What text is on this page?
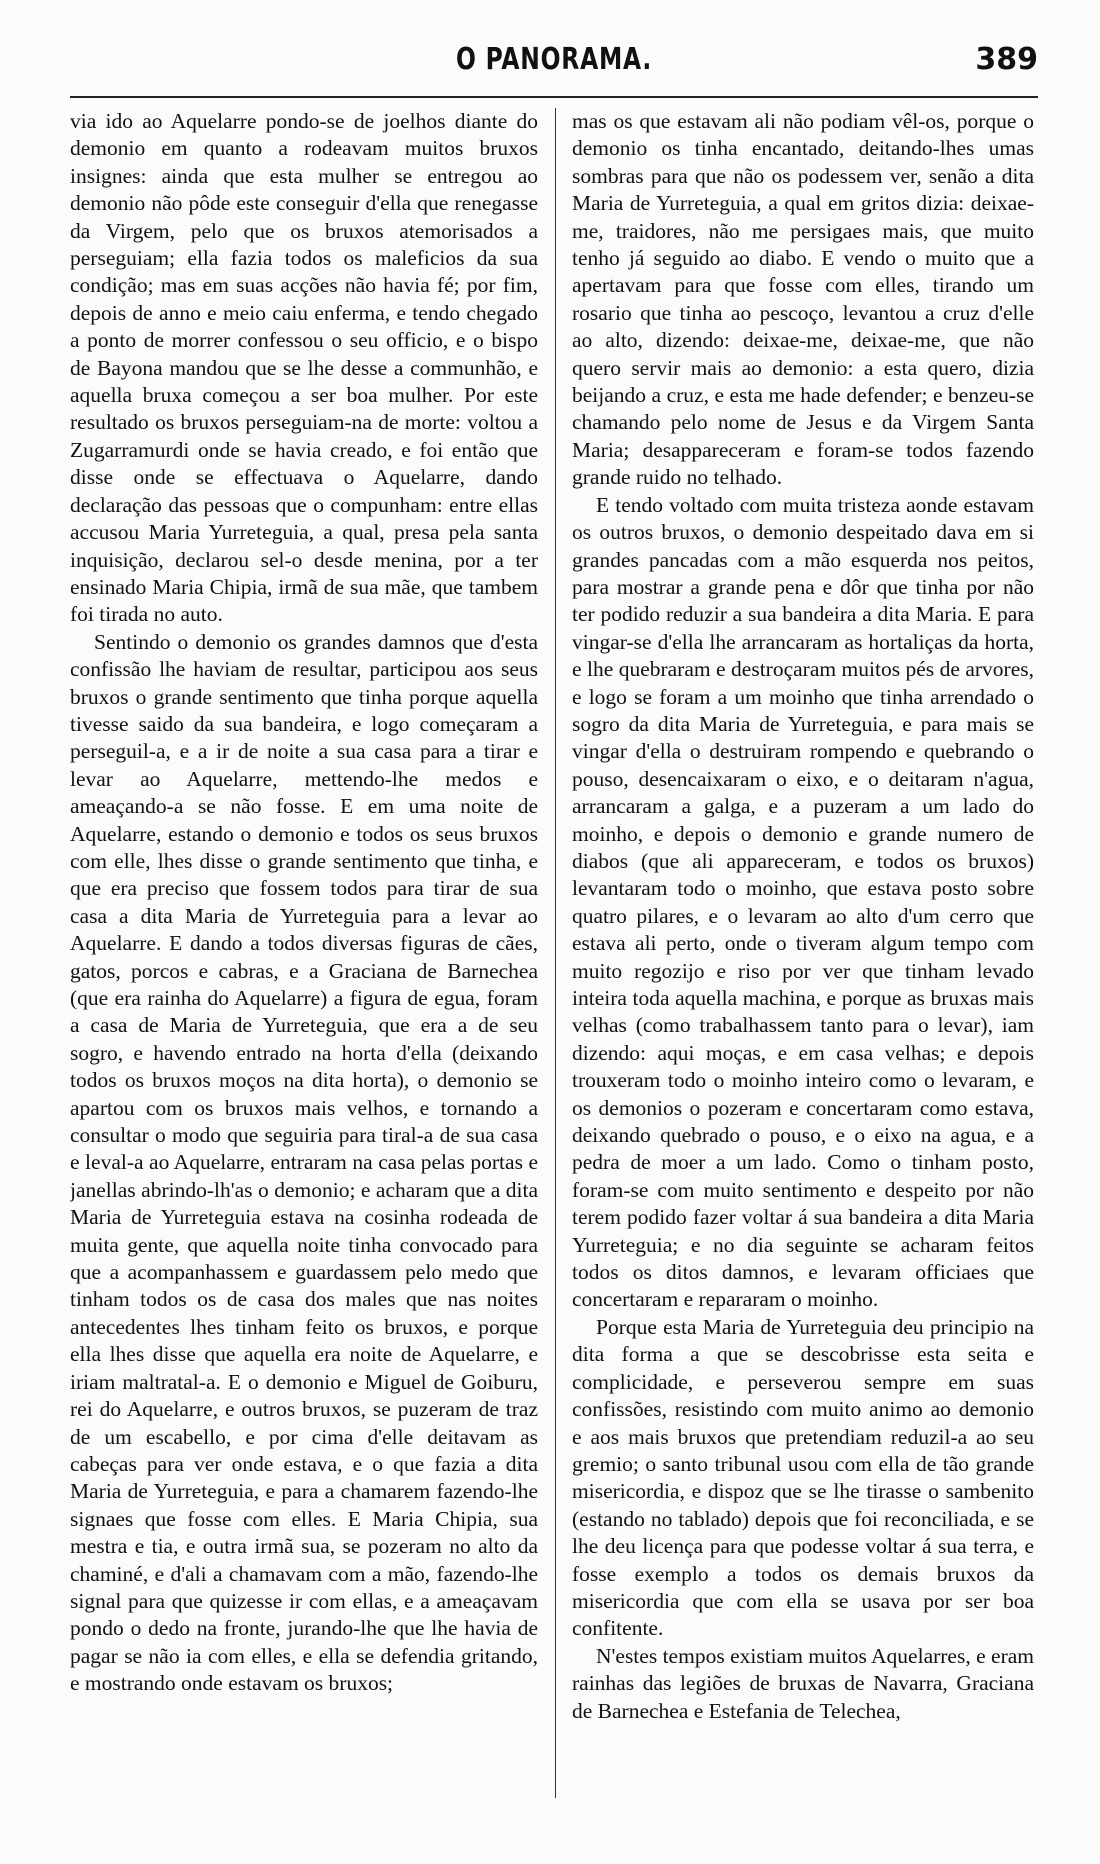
O PANORAMA.	389

via ido ao Aquelarre pondo-se de joelhos diante do demonio em quanto a rodeavam muitos bruxos insignes: ainda que esta mulher se entregou ao demonio não pôde este conseguir d'ella que renegasse da Virgem, pelo que os bruxos atemorisados a perseguiam; ella fazia todos os maleficios da sua condição; mas em suas acções não havia fé; por fim, depois de anno e meio caiu enferma, e tendo chegado a ponto de morrer confessou o seu officio, e o bispo de Bayona mandou que se lhe desse a communhão, e aquella bruxa começou a ser boa mulher. Por este resultado os bruxos perseguiam-na de morte: voltou a Zugarramurdi onde se havia creado, e foi então que disse onde se effectuava o Aquelarre, dando declaração das pessoas que o compunham: entre ellas accusou Maria Yurreteguia, a qual, presa pela santa inquisição, declarou sel-o desde menina, por a ter ensinado Maria Chipia, irmã de sua mãe, que tambem foi tirada no auto.

Sentindo o demonio os grandes damnos que d'esta confissão lhe haviam de resultar, participou aos seus bruxos o grande sentimento que tinha porque aquella tivesse saido da sua bandeira, e logo começaram a perseguil-a, e a ir de noite a sua casa para a tirar e levar ao Aquelarre, mettendo-lhe medos e ameaçando-a se não fosse. E em uma noite de Aquelarre, estando o demonio e todos os seus bruxos com elle, lhes disse o grande sentimento que tinha, e que era preciso que fossem todos para tirar de sua casa a dita Maria de Yurreteguia para a levar ao Aquelarre. E dando a todos diversas figuras de cães, gatos, porcos e cabras, e a Graciana de Barnechea (que era rainha do Aquelarre) a figura de egua, foram a casa de Maria de Yurreteguia, que era a de seu sogro, e havendo entrado na horta d'ella (deixando todos os bruxos moços na dita horta), o demonio se apartou com os bruxos mais velhos, e tornando a consultar o modo que seguiria para tiral-a de sua casa e leval-a ao Aquelarre, entraram na casa pelas portas e janellas abrindo-lh'as o demonio; e acharam que a dita Maria de Yurreteguia estava na cosinha rodeada de muita gente, que aquella noite tinha convocado para que a acompanhassem e guardassem pelo medo que tinham todos os de casa dos males que nas noites antecedentes lhes tinham feito os bruxos, e porque ella lhes disse que aquella era noite de Aquelarre, e iriam maltratal-a. E o demonio e Miguel de Goiburu, rei do Aquelarre, e outros bruxos, se puzeram de traz de um escabello, e por cima d'elle deitavam as cabeças para ver onde estava, e o que fazia a dita Maria de Yurreteguia, e para a chamarem fazendo-lhe signaes que fosse com elles. E Maria Chipia, sua mestra e tia, e outra irmã sua, se pozeram no alto da chaminé, e d'ali a chamavam com a mão, fazendo-lhe signal para que quizesse ir com ellas, e a ameaçavam pondo o dedo na fronte, jurando-lhe que lhe havia de pagar se não ia com elles, e ella se defendia gritando, e mostrando onde estavam os bruxos;

mas os que estavam ali não podiam vêl-os, porque o demonio os tinha encantado, deitando-lhes umas sombras para que não os podessem ver, senão a dita Maria de Yurreteguia, a qual em gritos dizia: deixae-me, traidores, não me persigaes mais, que muito tenho já seguido ao diabo. E vendo o muito que a apertavam para que fosse com elles, tirando um rosario que tinha ao pescoço, levantou a cruz d'elle ao alto, dizendo: deixae-me, deixae-me, que não quero servir mais ao demonio: a esta quero, dizia beijando a cruz, e esta me hade defender; e benzeu-se chamando pelo nome de Jesus e da Virgem Santa Maria; desappareceram e foram-se todos fazendo grande ruido no telhado.

E tendo voltado com muita tristeza aonde estavam os outros bruxos, o demonio despeitado dava em si grandes pancadas com a mão esquerda nos peitos, para mostrar a grande pena e dôr que tinha por não ter podido reduzir a sua bandeira a dita Maria. E para vingar-se d'ella lhe arrancaram as hortaliças da horta, e lhe quebraram e destroçaram muitos pés de arvores, e logo se foram a um moinho que tinha arrendado o sogro da dita Maria de Yurreteguia, e para mais se vingar d'ella o destruiram rompendo e quebrando o pouso, desencaixaram o eixo, e o deitaram n'agua, arrancaram a galga, e a puzeram a um lado do moinho, e depois o demonio e grande numero de diabos (que ali appareceram, e todos os bruxos) levantaram todo o moinho, que estava posto sobre quatro pilares, e o levaram ao alto d'um cerro que estava ali perto, onde o tiveram algum tempo com muito regozijo e riso por ver que tinham levado inteira toda aquella machina, e porque as bruxas mais velhas (como trabalhassem tanto para o levar), iam dizendo: aqui moças, e em casa velhas; e depois trouxeram todo o moinho inteiro como o levaram, e os demonios o pozeram e concertaram como estava, deixando quebrado o pouso, e o eixo na agua, e a pedra de moer a um lado. Como o tinham posto, foram-se com muito sentimento e despeito por não terem podido fazer voltar á sua bandeira a dita Maria Yurreteguia; e no dia seguinte se acharam feitos todos os ditos damnos, e levaram officiaes que concertaram e repararam o moinho.

Porque esta Maria de Yurreteguia deu principio na dita forma a que se descobrisse esta seita e complicidade, e perseverou sempre em suas confissões, resistindo com muito animo ao demonio e aos mais bruxos que pretendiam reduzil-a ao seu gremio; o santo tribunal usou com ella de tão grande misericordia, e dispoz que se lhe tirasse o sambenito (estando no tablado) depois que foi reconciliada, e se lhe deu licença para que podesse voltar á sua terra, e fosse exemplo a todos os demais bruxos da misericordia que com ella se usava por ser boa confitente.

N'estes tempos existiam muitos Aquelarres, e eram rainhas das legiões de bruxas de Navarra, Graciana de Barnechea e Estefania de Telechea,
